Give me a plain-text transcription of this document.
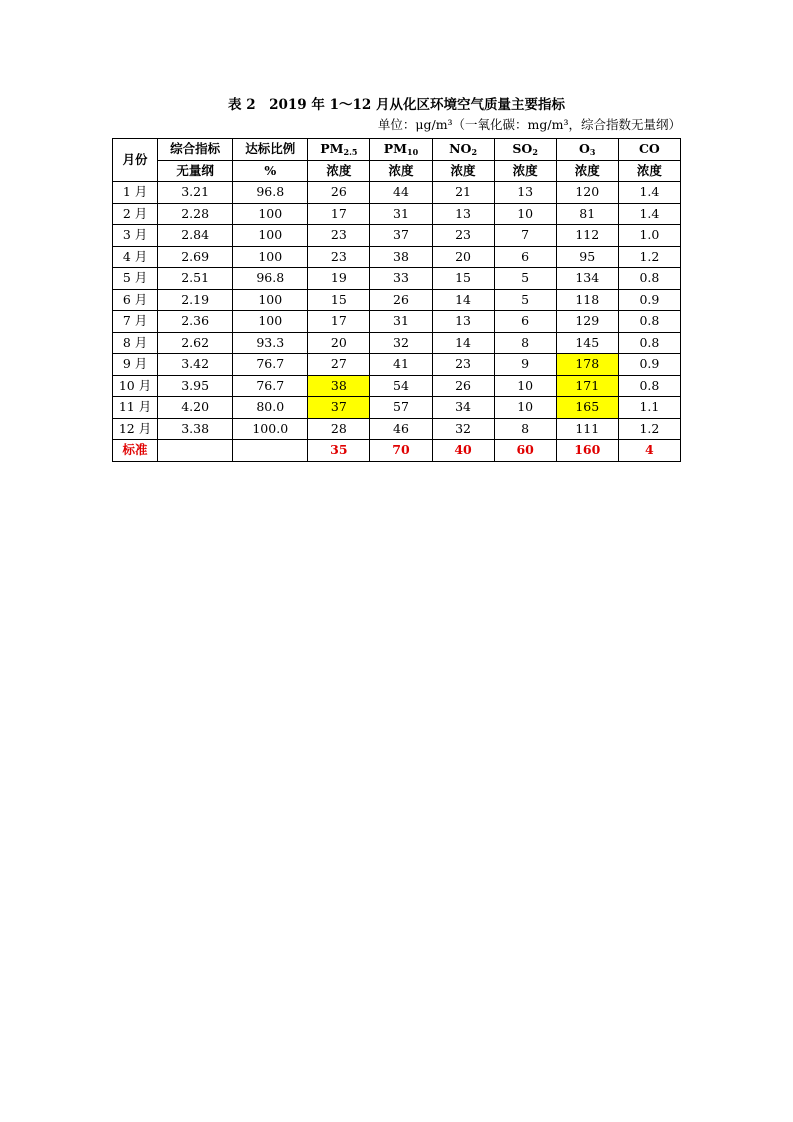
表 2　2019 年 1～12 月从化区环境空气质量主要指标
单位：μg/m³（一氧化碳：mg/m³，综合指数无量纲）
月份	综合指标	达标比例	$PM_{2.5}$	$PM_{10}$	$NO_2$	$SO_2$	$O_3$	CO
	无量纲	%	浓度	浓度	浓度	浓度	浓度	浓度
1 月	3.21	96.8	26	44	21	13	120	1.4
2 月	2.28	100	17	31	13	10	81	1.4
3 月	2.84	100	23	37	23	7	112	1.0
4 月	2.69	100	23	38	20	6	95	1.2
5 月	2.51	96.8	19	33	15	5	134	0.8
6 月	2.19	100	15	26	14	5	118	0.9
7 月	2.36	100	17	31	13	6	129	0.8
8 月	2.62	93.3	20	32	14	8	145	0.8
9 月	3.42	76.7	27	41	23	9	178	0.9
10 月	3.95	76.7	38	54	26	10	171	0.8
11 月	4.20	80.0	37	57	34	10	165	1.1
12 月	3.38	100.0	28	46	32	8	111	1.2
标准			35	70	40	60	160	4
